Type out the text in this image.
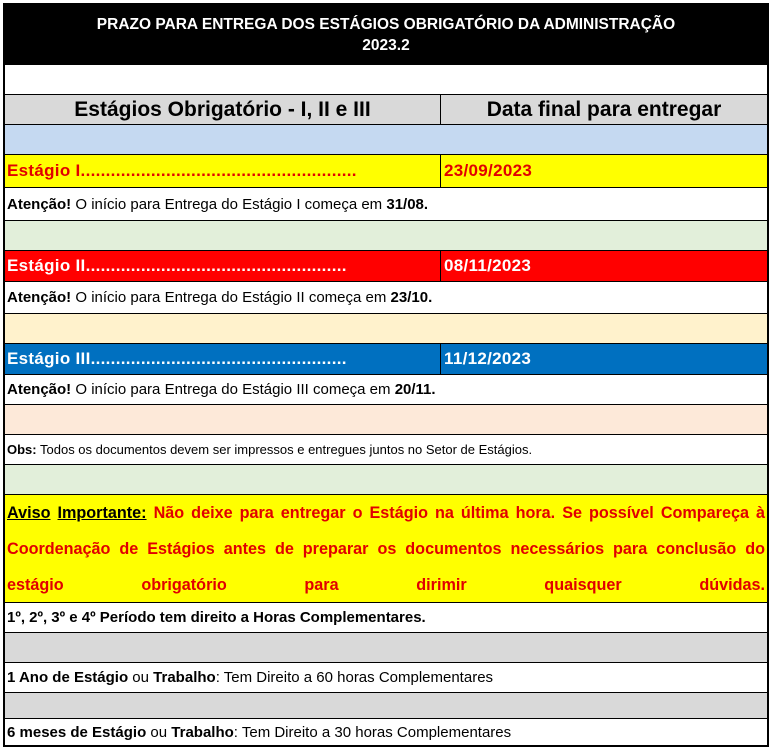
PRAZO PARA ENTREGA DOS ESTÁGIOS OBRIGATÓRIO DA ADMINISTRAÇÃO
2023.2
Estágios Obrigatório - I, II e III	Data final para entregar
Estágio I.......................................................	23/09/2023
Atenção! O início para Entrega do Estágio I começa em 31/08.
Estágio II....................................................	08/11/2023
Atenção! O início para Entrega do Estágio II começa em 23/10.
Estágio III...................................................	11/12/2023
Atenção! O início para Entrega do Estágio III começa em 20/11.
Obs: Todos os documentos devem ser impressos e entregues juntos no Setor de Estágios.
Aviso Importante: Não deixe para entregar o Estágio na última hora. Se possível Compareça à Coordenação de Estágios antes de preparar os documentos necessários para conclusão do estágio obrigatório para dirimir quaisquer dúvidas.
1º, 2º, 3º e 4º Período tem direito a Horas Complementares.
1 Ano de Estágio ou Trabalho : Tem Direito a 60 horas Complementares
6 meses de Estágio ou Trabalho : Tem Direito a 30 horas Complementares
